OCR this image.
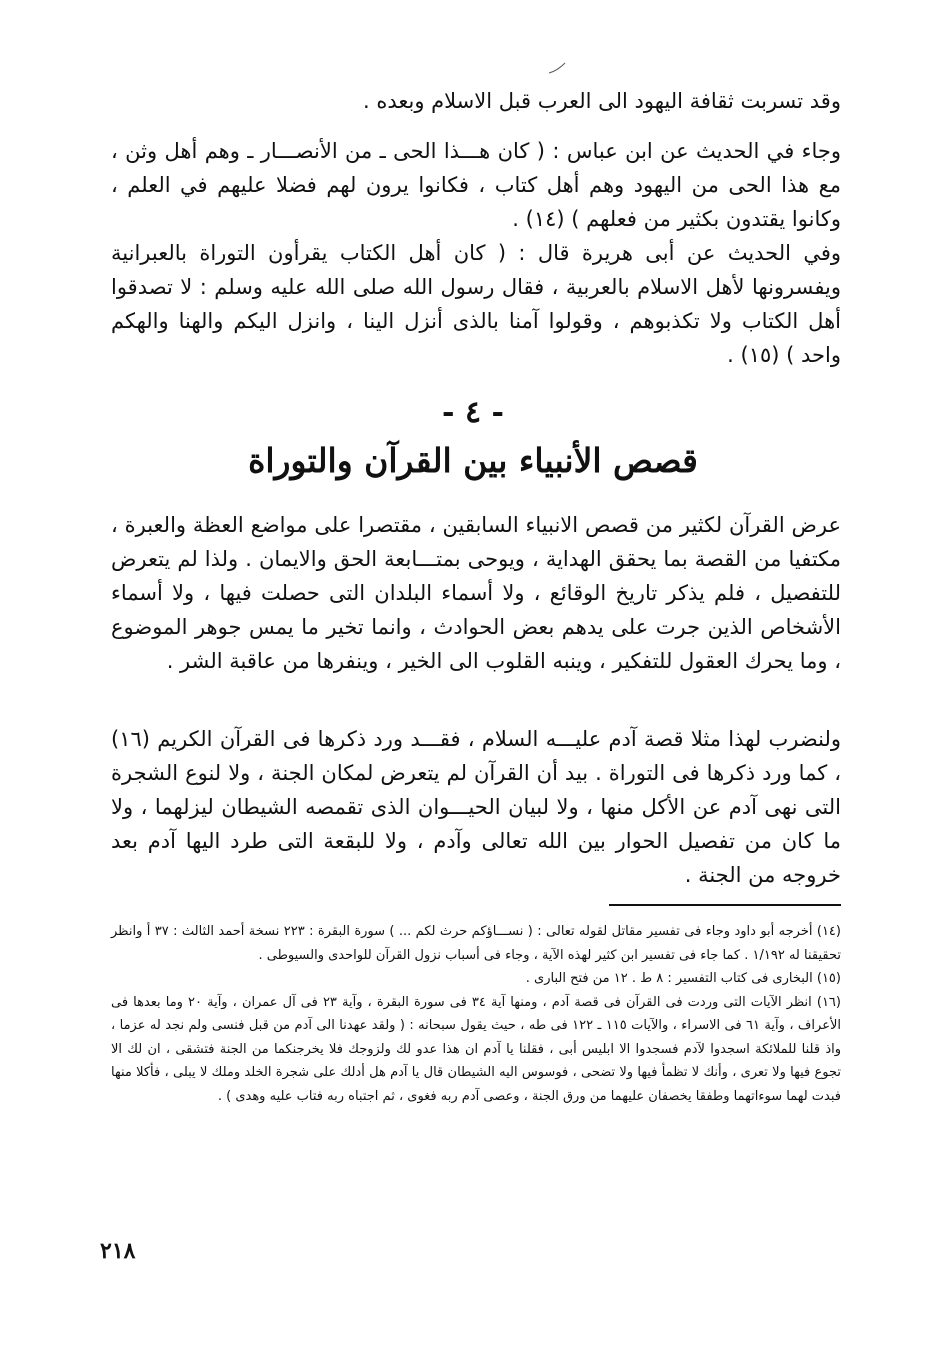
وقد تسربت ثقافة اليهود الى العرب قبل الاسلام وبعده .

وجاء في الحديث عن ابن عباس : ( كان هـــذا الحى ـ من الأنصـــار ـ وهم أهل وثن ، مع هذا الحى من اليهود وهم أهل كتاب ، فكانوا يرون لهم فضلا عليهم في العلم ، وكانوا يقتدون بكثير من فعلهم ) (١٤) .

وفي الحديث عن أبى هريرة قال : ( كان أهل الكتاب يقرأون التوراة بالعبرانية ويفسرونها لأهل الاسلام بالعربية ، فقال رسول الله صلى الله عليه وسلم : لا تصدقوا أهل الكتاب ولا تكذبوهم ، وقولوا آمنا بالذى أنزل الينا ، وانزل اليكم والهنا والهكم واحد ) (١٥) .

- ٤ -
قصص الأنبياء بين القرآن والتوراة

عرض القرآن لكثير من قصص الانبياء السابقين ، مقتصرا على مواضع العظة والعبرة ، مكتفيا من القصة بما يحقق الهداية ، ويوحى بمتـــابعة الحق والايمان . ولذا لم يتعرض للتفصيل ، فلم يذكر تاريخ الوقائع ، ولا أسماء البلدان التى حصلت فيها ، ولا أسماء الأشخاص الذين جرت على يدهم بعض الحوادث ، وانما تخير ما يمس جوهر الموضوع ، وما يحرك العقول للتفكير ، وينبه القلوب الى الخير ، وينفرها من عاقبة الشر .

ولنضرب لهذا مثلا قصة آدم عليـــه السلام ، فقـــد ورد ذكرها فى القرآن الكريم (١٦) ، كما ورد ذكرها فى التوراة . بيد أن القرآن لم يتعرض لمكان الجنة ، ولا لنوع الشجرة التى نهى آدم عن الأكل منها ، ولا لبيان الحيـــوان الذى تقمصه الشيطان ليزلهما ، ولا ما كان من تفصيل الحوار بين الله تعالى وآدم ، ولا للبقعة التى طرد اليها آدم بعد خروجه من الجنة .

(١٤) أخرجه أبو داود وجاء فى تفسير مقاتل لقوله تعالى : ( نســـاؤكم حرث لكم ... ) سورة البقرة : ٢٢٣ نسخة أحمد الثالث : ٣٧ أ وانظر تحقيقنا له ١/١٩٢ . كما جاء فى تفسير ابن كثير لهذه الآية ، وجاء فى أسباب نزول القرآن للواحدى والسيوطى .

(١٥) البخارى فى كتاب التفسير : ٨ ط . ١٢ من فتح البارى .

(١٦) انظر الآيات التى وردت فى القرآن فى قصة آدم ، ومنها آية ٣٤ فى سورة البقرة ، وآية ٢٣ فى آل عمران ، وآية ٢٠ وما بعدها فى الأعراف ، وآية ٦١ فى الاسراء ، والآيات ١١٥ ـ ١٢٢ فى طه ، حيث يقول سبحانه : ( ولقد عهدنا الى آدم من قبل فنسى ولم نجد له عزما ، واذ قلنا للملائكة اسجدوا لآدم فسجدوا الا ابليس أبى ، فقلنا يا آدم ان هذا عدو لك ولزوجك فلا يخرجنكما من الجنة فتشقى ، ان لك الا تجوع فيها ولا تعرى ، وأنك لا تظمأ فيها ولا تضحى ، فوسوس اليه الشيطان قال يا آدم هل أدلك على شجرة الخلد وملك لا يبلى ، فأكلا منها فبدت لهما سوءاتهما وطفقا يخصفان عليهما من ورق الجنة ، وعصى آدم ربه فغوى ، ثم اجتباه ربه فتاب عليه وهدى ) .

٢١٨
